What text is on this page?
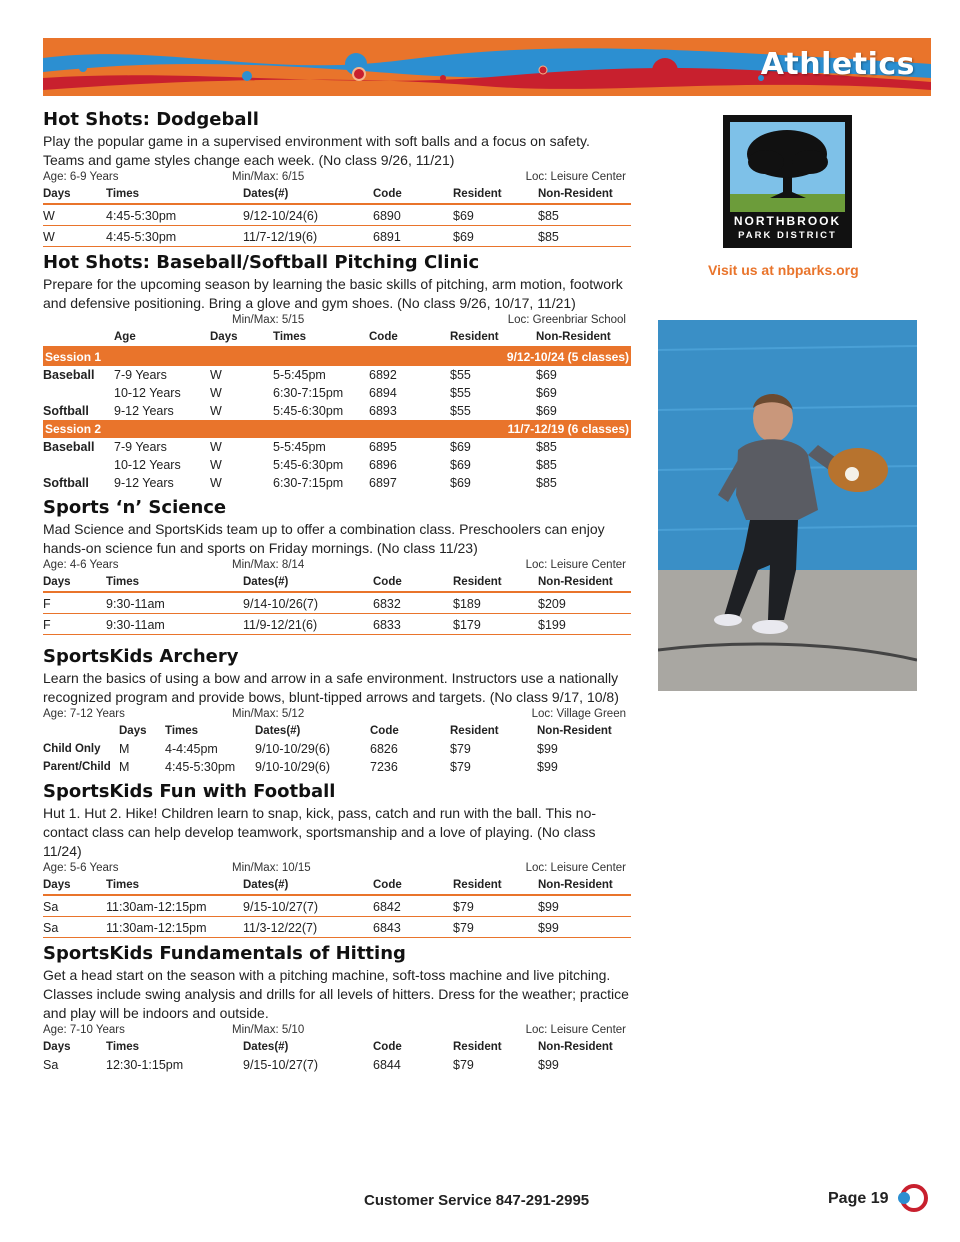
Athletics
Hot Shots: Dodgeball

Play the popular game in a supervised environment with soft balls and a focus on safety. Teams and game styles change each week. (No class 9/26, 11/21)

Age: 6-9 Years	Min/Max: 6/15	Loc: Leisure Center
Days	Times	Dates(#)	Code	Resident	Non-Resident
W	4:45-5:30pm	9/12-10/24(6)	6890	$69	$85
W	4:45-5:30pm	11/7-12/19(6)	6891	$69	$85
Hot Shots: Baseball/Softball Pitching Clinic

Prepare for the upcoming season by learning the basic skills of pitching, arm motion, footwork and defensive positioning. Bring a glove and gym shoes. (No class 9/26, 10/17, 11/21)

Min/Max: 5/15	Loc: Greenbriar School
	Age	Days	Times	Code	Resident	Non-Resident
Session 1				9/12-10/24 (5 classes)		
Baseball	7-9 Years	W	5-5:45pm	6892	$55	$69
	10-12 Years	W	6:30-7:15pm	6894	$55	$69
Softball	9-12 Years	W	5:45-6:30pm	6893	$55	$69
Session 2				11/7-12/19 (6 classes)		
Baseball	7-9 Years	W	5-5:45pm	6895	$69	$85
	10-12 Years	W	5:45-6:30pm	6896	$69	$85
Softball	9-12 Years	W	6:30-7:15pm	6897	$69	$85
Sports ‘n’ Science

Mad Science and SportsKids team up to offer a combination class. Preschoolers can enjoy hands-on science fun and sports on Friday mornings. (No class 11/23)

Age: 4-6 Years	Min/Max: 8/14	Loc: Leisure Center
Days	Times	Dates(#)	Code	Resident	Non-Resident
F	9:30-11am	9/14-10/26(7)	6832	$189	$209
F	9:30-11am	11/9-12/21(6)	6833	$179	$199
SportsKids Archery

Learn the basics of using a bow and arrow in a safe environment. Instructors use a nationally recognized program and provide bows, blunt-tipped arrows and targets. (No class 9/17, 10/8)

Age: 7-12 Years	Min/Max: 5/12	Loc: Village Green
	Days	Times	Dates(#)	Code	Resident	Non-Resident
Child Only	M	4-4:45pm	9/10-10/29(6)	6826	$79	$99
Parent/Child	M	4:45-5:30pm	9/10-10/29(6)	7236	$79	$99
SportsKids Fun with Football

Hut 1. Hut 2. Hike! Children learn to snap, kick, pass, catch and run with the ball. This no-contact class can help develop teamwork, sportsmanship and a love of playing. (No class 11/24)

Age: 5-6 Years	Min/Max: 10/15	Loc: Leisure Center
Days	Times	Dates(#)	Code	Resident	Non-Resident
Sa	11:30am-12:15pm	9/15-10/27(7)	6842	$79	$99
Sa	11:30am-12:15pm	11/3-12/22(7)	6843	$79	$99
SportsKids Fundamentals of Hitting

Get a head start on the season with a pitching machine, soft-toss machine and live pitching. Classes include swing analysis and drills for all levels of hitters. Dress for the weather; practice and play will be indoors and outside.

Age: 7-10 Years	Min/Max: 5/10	Loc: Leisure Center
Days	Times	Dates(#)	Code	Resident	Non-Resident
Sa	12:30-1:15pm	9/15-10/27(7)	6844	$79	$99
NORTHBROOK
PARK DISTRICT
Visit us at nbparks.org
Customer Service 847-291-2995	Page 19
